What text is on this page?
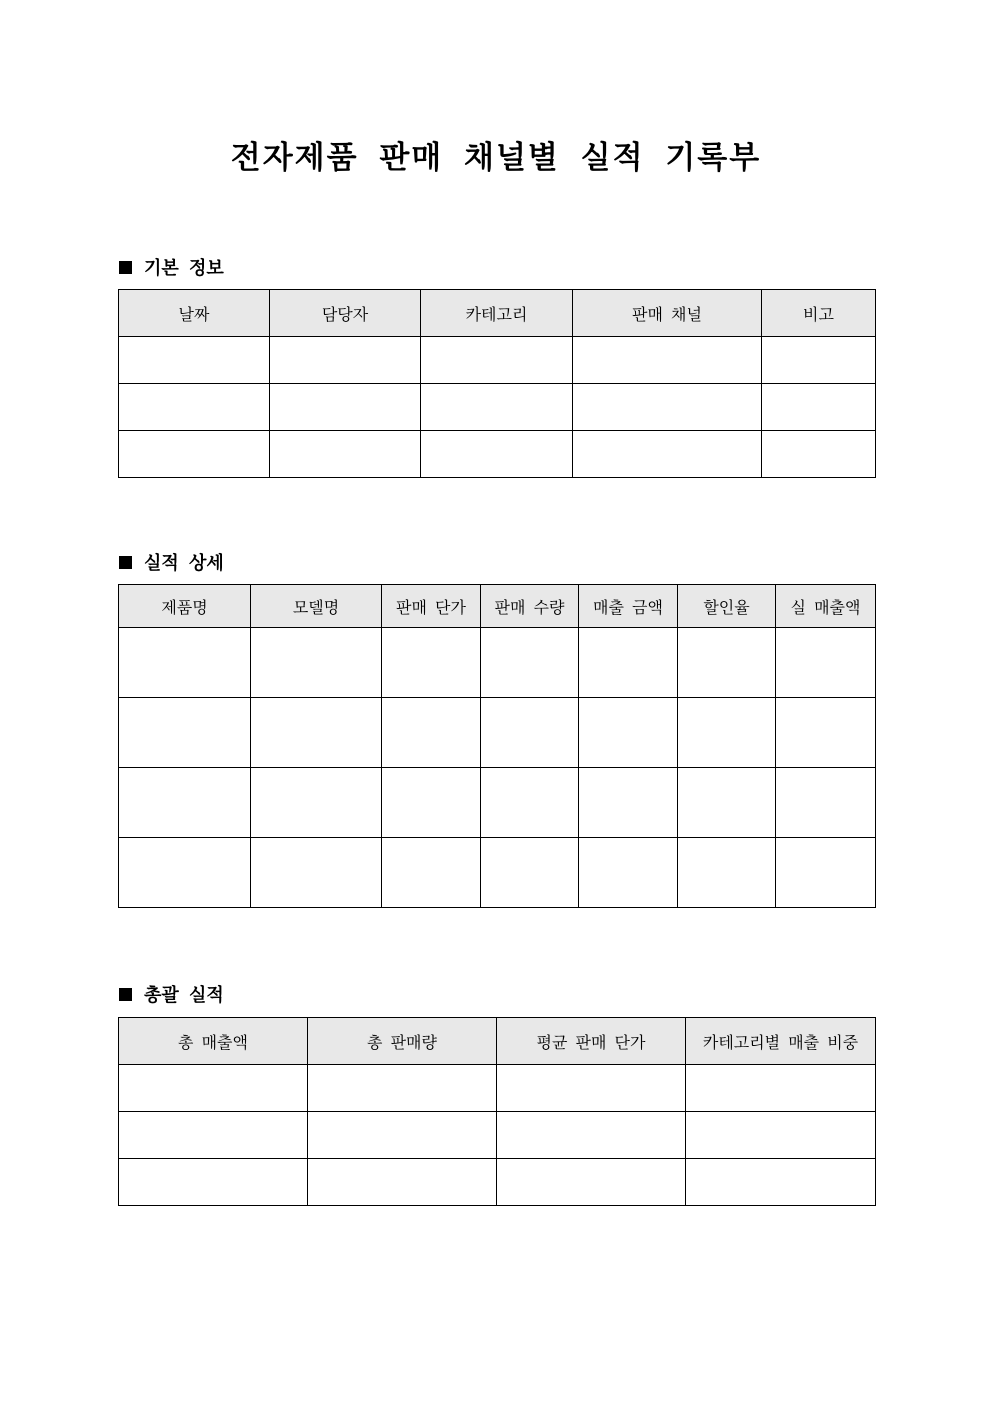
전자제품 판매 채널별 실적 기록부
기본 정보
날짜	담당자	카테고리	판매 채널	비고

실적 상세
제품명	모델명	판매 단가	판매 수량	매출 금액	할인율	실 매출액

총괄 실적
총 매출액	총 판매량	평균 판매 단가	카테고리별 매출 비중
